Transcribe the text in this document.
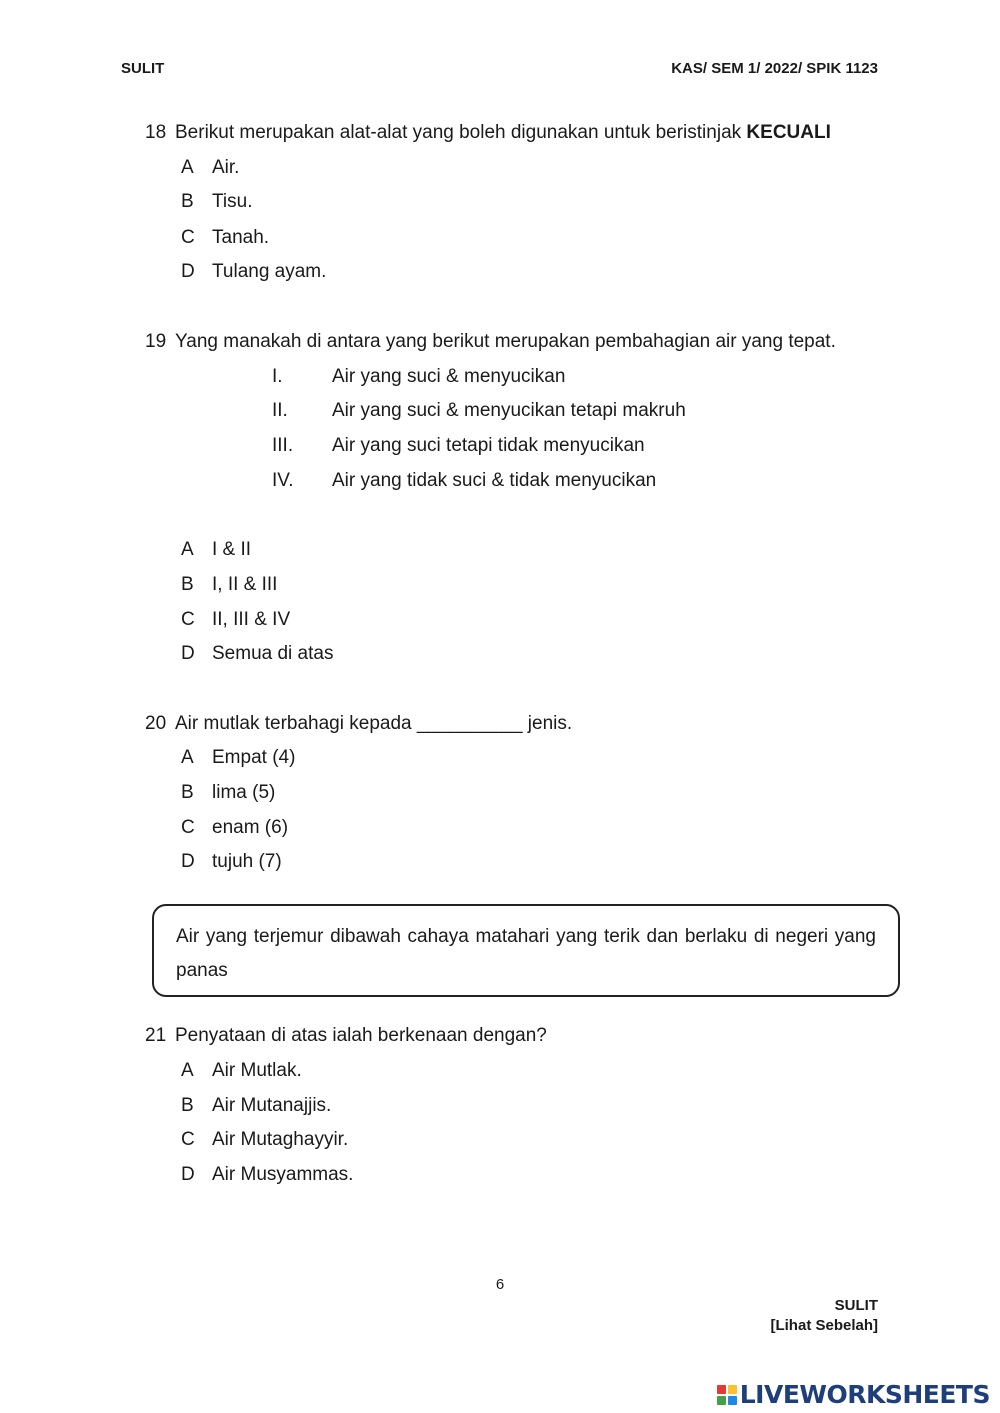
SULIT	KAS/ SEM 1/ 2022/ SPIK 1123
18 Berikut merupakan alat-alat yang boleh digunakan untuk beristinjak KECUALI
A Air.
B Tisu.
C Tanah.
D Tulang ayam.
19 Yang manakah di antara yang berikut merupakan pembahagian air yang tepat.
I.	Air yang suci & menyucikan
II. Air yang suci & menyucikan tetapi makruh
III. Air yang suci tetapi tidak menyucikan
IV. Air yang tidak suci & tidak menyucikan
A I & II
B I, II & III
C II, III & IV
D Semua di atas
20 Air mutlak terbahagi kepada __________ jenis.
A Empat (4)
B lima (5)
C enam (6)
D tujuh (7)
Air yang terjemur dibawah cahaya matahari yang terik dan berlaku di negeri yang panas
21 Penyataan di atas ialah berkenaan dengan?
A Air Mutlak.
B Air Mutanajjis.
C Air Mutaghayyir.
D Air Musyammas.
6
SULIT
[Lihat Sebelah]
LIVEWORKSHEETS
